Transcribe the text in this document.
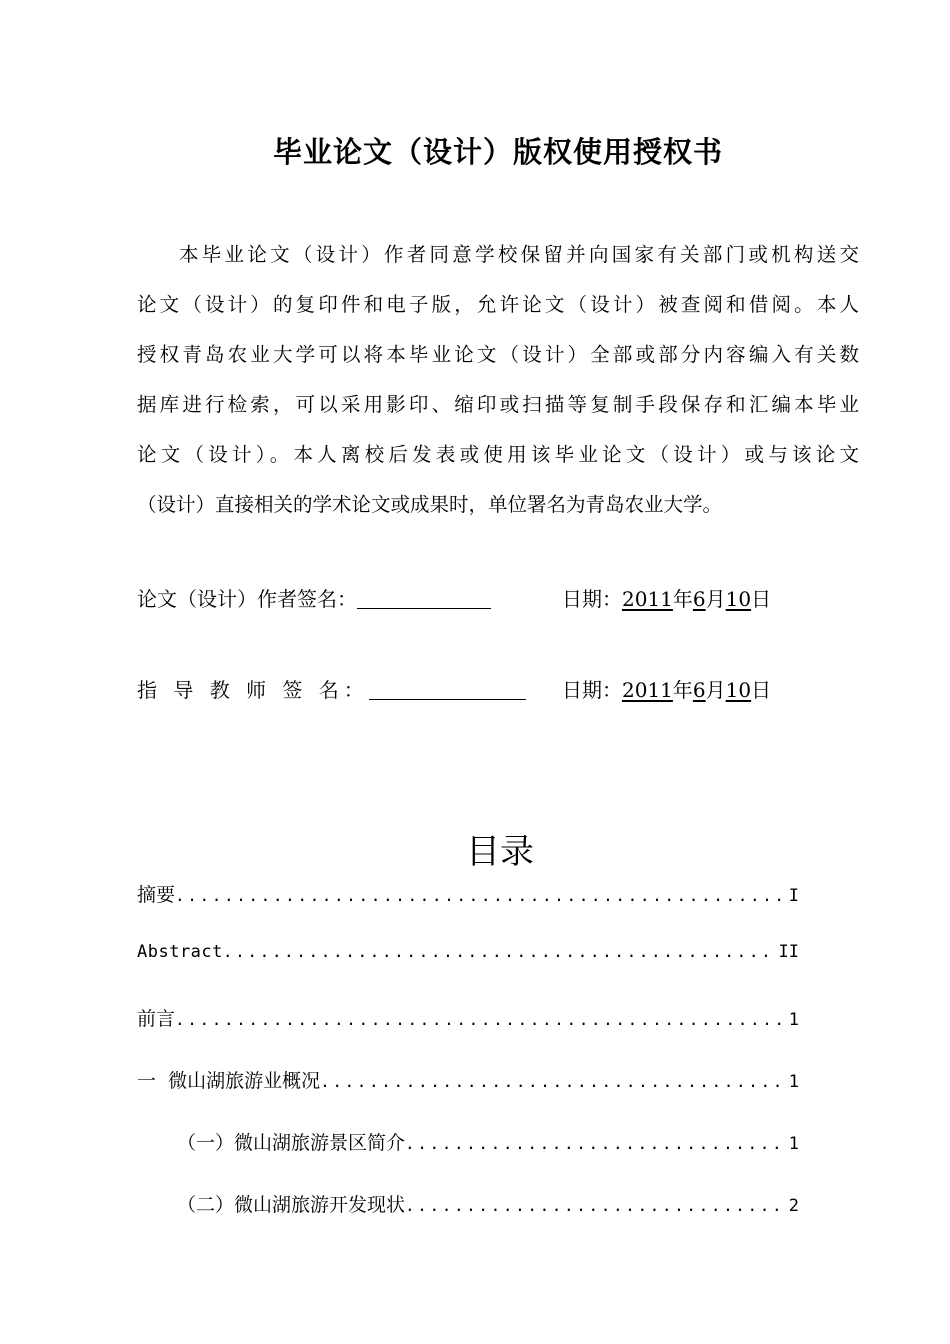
毕业论文（设计）版权使用授权书

本毕业论文（设计）作者同意学校保留并向国家有关部门或机构送交
论文（设计）的复印件和电子版，允许论文（设计）被查阅和借阅。本人
授权青岛农业大学可以将本毕业论文（设计）全部或部分内容编入有关数
据库进行检索，可以采用影印、缩印或扫描等复制手段保存和汇编本毕业
论文（设计）。本人离校后发表或使用该毕业论文（设计）或与该论文
（设计）直接相关的学术论文或成果时，单位署名为青岛农业大学。

论文（设计）作者签名：	日期：2011年6月10日
指 导 教 师 签 名：	日期：2011年6月10日
目录
摘要 .....	I
Abstract .....	II
前言 .....	1
一  微山湖旅游业概况 .....	1
（一）微山湖旅游景区简介 .....	1
（二）微山湖旅游开发现状 .....	2
